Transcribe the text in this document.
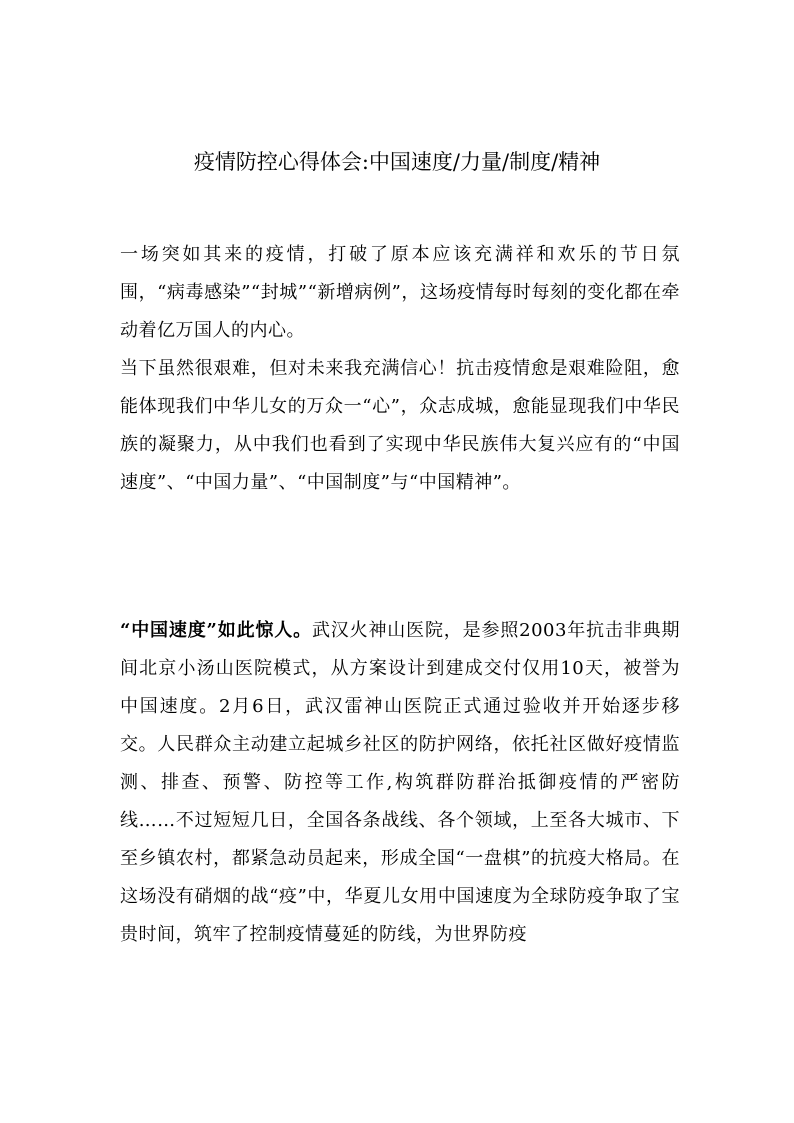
疫情防控心得体会:中国速度/力量/制度/精神

一场突如其来的疫情，打破了原本应该充满祥和欢乐的节日氛围，“病毒感染”“封城”“新增病例”，这场疫情每时每刻的变化都在牵动着亿万国人的内心。

当下虽然很艰难，但对未来我充满信心！抗击疫情愈是艰难险阻，愈能体现我们中华儿女的万众一“心”，众志成城，愈能显现我们中华民族的凝聚力，从中我们也看到了实现中华民族伟大复兴应有的“中国速度”、“中国力量”、“中国制度”与“中国精神”。

“中国速度”如此惊人。武汉火神山医院，是参照2003年抗击非典期间北京小汤山医院模式，从方案设计到建成交付仅用10天，被誉为中国速度。2月6日，武汉雷神山医院正式通过验收并开始逐步移交。人民群众主动建立起城乡社区的防护网络，依托社区做好疫情监测、排查、预警、防控等工作,构筑群防群治抵御疫情的严密防线……不过短短几日，全国各条战线、各个领域，上至各大城市、下至乡镇农村，都紧急动员起来，形成全国“一盘棋”的抗疫大格局。在这场没有硝烟的战“疫”中，华夏儿女用中国速度为全球防疫争取了宝贵时间，筑牢了控制疫情蔓延的防线，为世界防疫
